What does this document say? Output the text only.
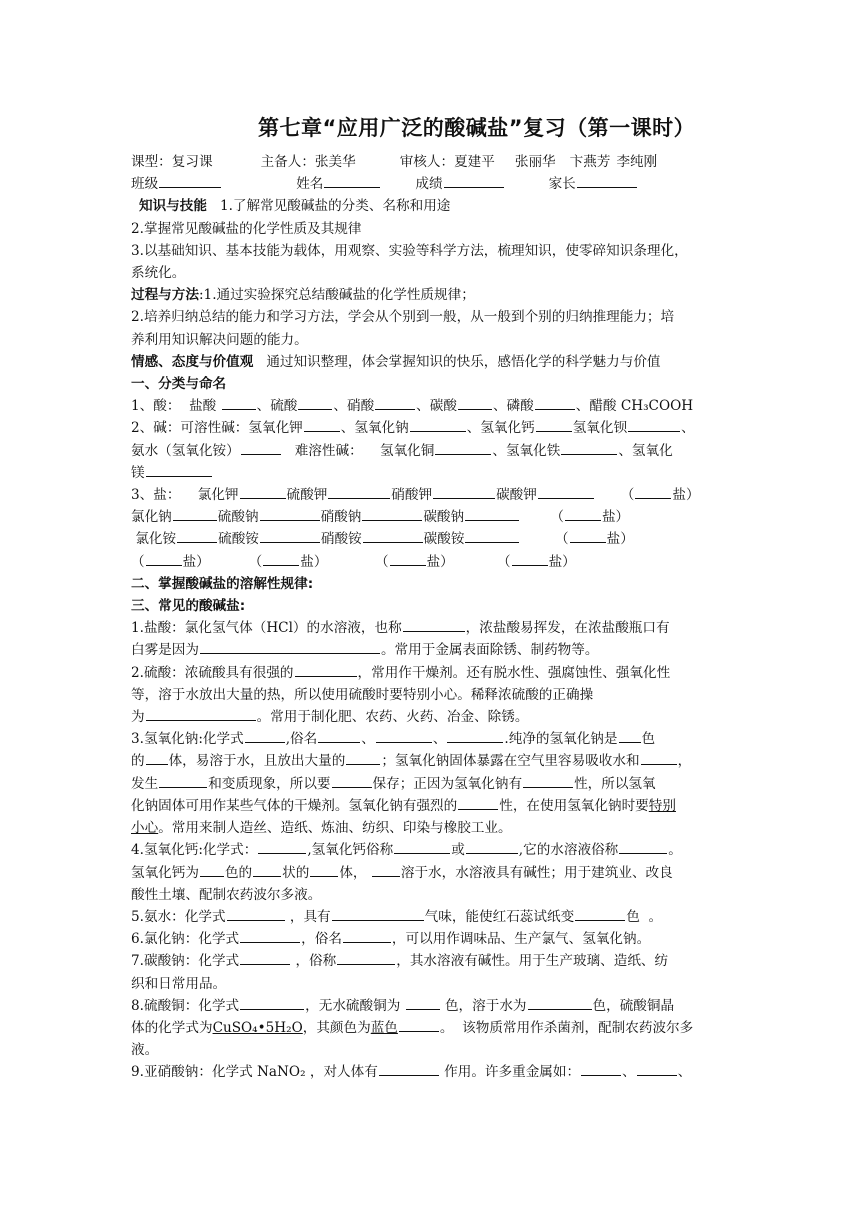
第七章“应用广泛的酸碱盐”复习（第一课时）
课型：复习课	主备人：张美华	审核人：夏建平 张丽华 卞燕芳 李纯刚
班级	姓名	成绩	家长
知识与技能 1.了解常见酸碱盐的分类、名称和用途
2.掌握常见酸碱盐的化学性质及其规律
3.以基础知识、基本技能为载体，用观察、实验等科学方法，梳理知识，使零碎知识条理化，
系统化。
过程与方法:1.通过实验探究总结酸碱盐的化学性质规律；
2.培养归纳总结的能力和学习方法，学会从个别到一般，从一般到个别的归纳推理能力；培
养利用知识解决问题的能力。
情感、态度与价值观 通过知识整理，体会掌握知识的快乐，感悟化学的科学魅力与价值
一、分类与命名
1、酸： 盐酸	、硫酸	、硝酸	、碳酸	、磷酸	、醋酸 CH₃COOH
2、碱：可溶性碱：氢氧化钾	、氢氧化钠	、氢氧化钙	氢氧化钡	、
氨水（氢氧化铵）	难溶性碱： 氢氧化铜	、氢氧化铁	、氢氧化
镁
3、盐： 氯化钾	硫酸钾	硝酸钾	碳酸钾	（	盐）
氯化钠	硫酸钠	硝酸钠	碳酸钠	（	盐）
氯化铵	硫酸铵	硝酸铵	碳酸铵	（	盐）
（	盐）	（	盐）	（	盐）	（	盐）
二、掌握酸碱盐的溶解性规律:
三、常见的酸碱盐:
1.盐酸：氯化氢气体（HCl）的水溶液，也称	，浓盐酸易挥发，在浓盐酸瓶口有
白雾是因为	。常用于金属表面除锈、制药物等。
2.硫酸：浓硫酸具有很强的	，常用作干燥剂。还有脱水性、强腐蚀性、强氧化性
等，溶于水放出大量的热，所以使用硫酸时要特别小心。稀释浓硫酸的正确操
为	。常用于制化肥、农药、火药、冶金、除锈。
3.氢氧化钠:化学式	,俗名	、	、	.纯净的氢氧化钠是 色
的 体，易溶于水，且放出大量的	；氢氧化钠固体暴露在空气里容易吸收水和	，
发生	和变质现象，所以要	保存；正因为氢氧化钠有	性，所以氢氧
化钠固体可用作某些气体的干燥剂。氢氧化钠有强烈的	性，在使用氢氧化钠时要特别
小心。常用来制人造丝、造纸、炼油、纺织、印染与橡胶工业。
4.氢氧化钙:化学式：	,氢氧化钙俗称	或	,它的水溶液俗称	。
氢氧化钙为 色的 状的 体，	溶于水，水溶液具有碱性；用于建筑业、改良
酸性土壤、配制农药波尔多液。
5.氨水：化学式	，具有	气味，能使红石蕊试纸变	色 。
6.氯化钠：化学式	，俗名	，可以用作调味品、生产氯气、氢氧化钠。
7.碳酸钠：化学式	，俗称	，其水溶液有碱性。用于生产玻璃、造纸、纺
织和日常用品。
8.硫酸铜：化学式	，无水硫酸铜为	色，溶于水为	色，硫酸铜晶
体的化学式为CuSO₄•5H₂O，其颜色为蓝色	。 该物质常用作杀菌剂，配制农药波尔多
液。
9.亚硝酸钠：化学式 NaNO₂ ，对人体有	作用。许多重金属如：	、	、
